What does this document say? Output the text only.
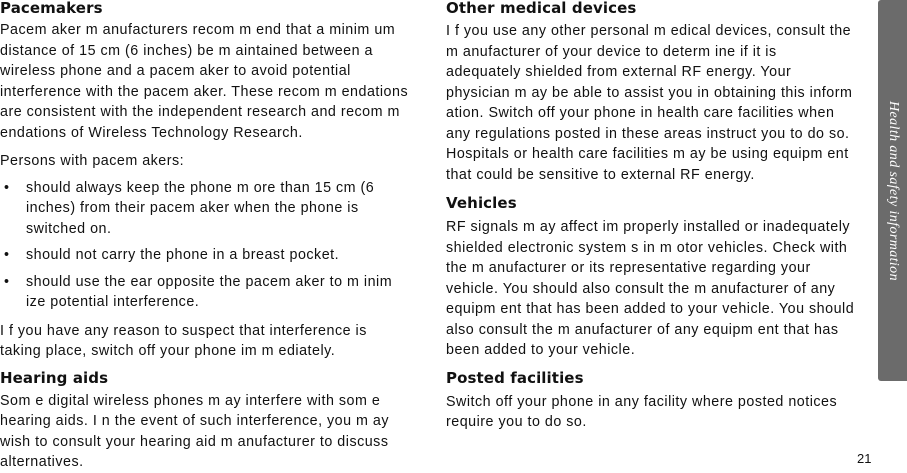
Pacemakers

Pacem aker m anufacturers recom m end that a minim um distance of 15 cm (6 inches) be m aintained between a wireless phone and a pacem aker to avoid potential interference with the pacem aker. These recom m endations are consistent with the independent research and recom m endations of Wireless Technology Research.

Persons with pacem akers:

• should always keep the phone m ore than 15 cm (6 inches) from their pacem aker when the phone is switched on.
• should not carry the phone in a breast pocket.
• should use the ear opposite the pacem aker to m inim ize potential interference.

I f you have any reason to suspect that interference is taking place, switch off your phone im m ediately.

Hearing aids

Som e digital wireless phones m ay interfere with som e hearing aids. I n the event of such interference, you m ay wish to consult your hearing aid m anufacturer to discuss alternatives.

Other medical devices

I f you use any other personal m edical devices, consult the m anufacturer of your device to determ ine if it is adequately shielded from external RF energy. Your physician m ay be able to assist you in obtaining this inform ation. Switch off your phone in health care facilities when any regulations posted in these areas instruct you to do so. Hospitals or health care facilities m ay be using equipm ent that could be sensitive to external RF energy.

Vehicles

RF signals m ay affect im properly installed or inadequately shielded electronic system s in m otor vehicles. Check with the m anufacturer or its representative regarding your vehicle. You should also consult the m anufacturer of any equipm ent that has been added to your vehicle. You should also consult the m anufacturer of any equipm ent that has been added to your vehicle.

Posted facilities

Switch off your phone in any facility where posted notices require you to do so.

Health and safety information
21
